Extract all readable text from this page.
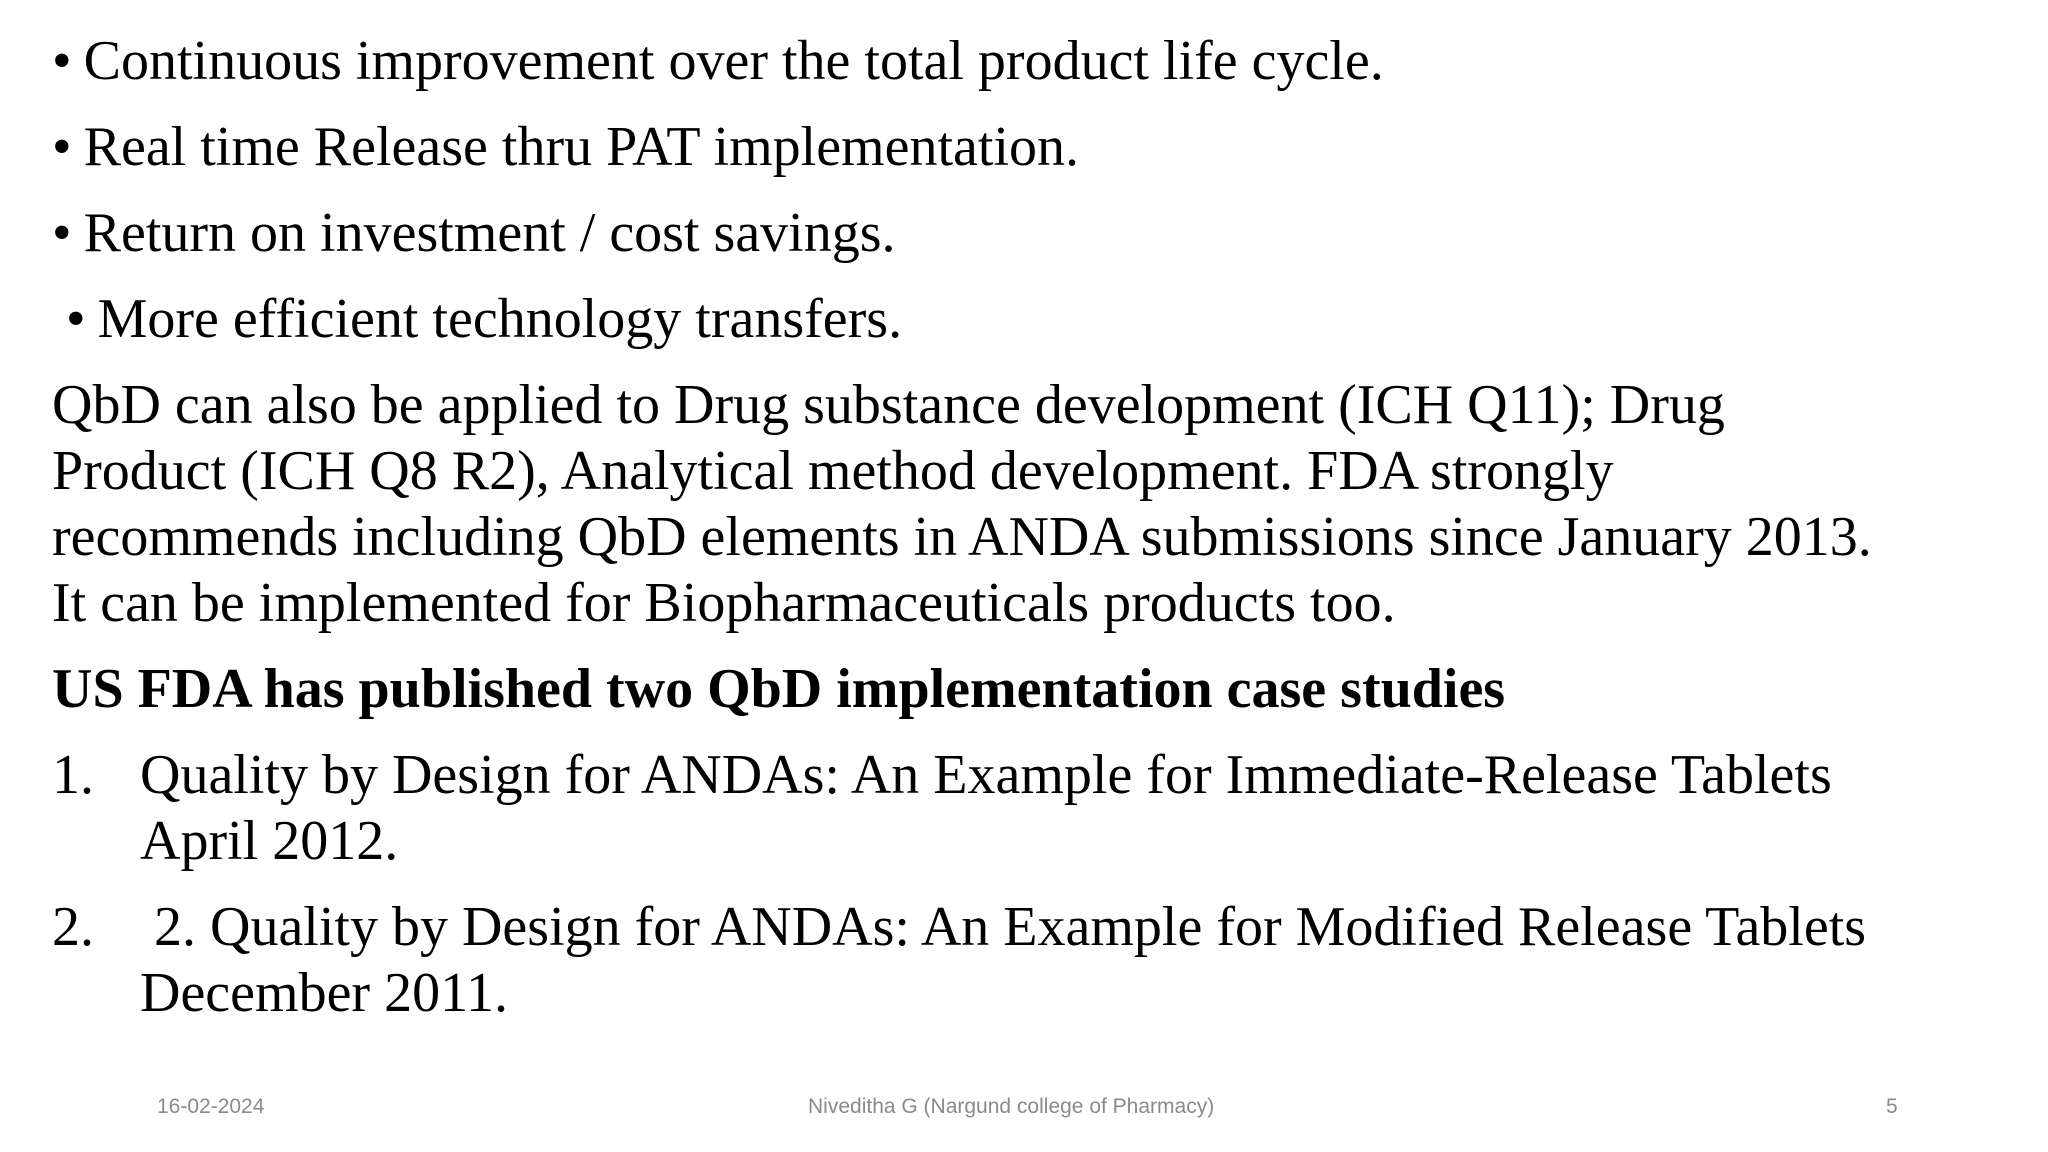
• Continuous improvement over the total product life cycle.
• Real time Release thru PAT implementation.
• Return on investment / cost savings.
• More efficient technology transfers.
QbD can also be applied to Drug substance development (ICH Q11); Drug
Product (ICH Q8 R2), Analytical method development. FDA strongly
recommends including QbD elements in ANDA submissions since January 2013.
It can be implemented for Biopharmaceuticals products too.
US FDA has published two QbD implementation case studies
1. Quality by Design for ANDAs: An Example for Immediate-Release Tablets
April 2012.
2. 2. Quality by Design for ANDAs: An Example for Modified Release Tablets
December 2011.
16-02-2024	Niveditha G (Nargund college of Pharmacy)	5
